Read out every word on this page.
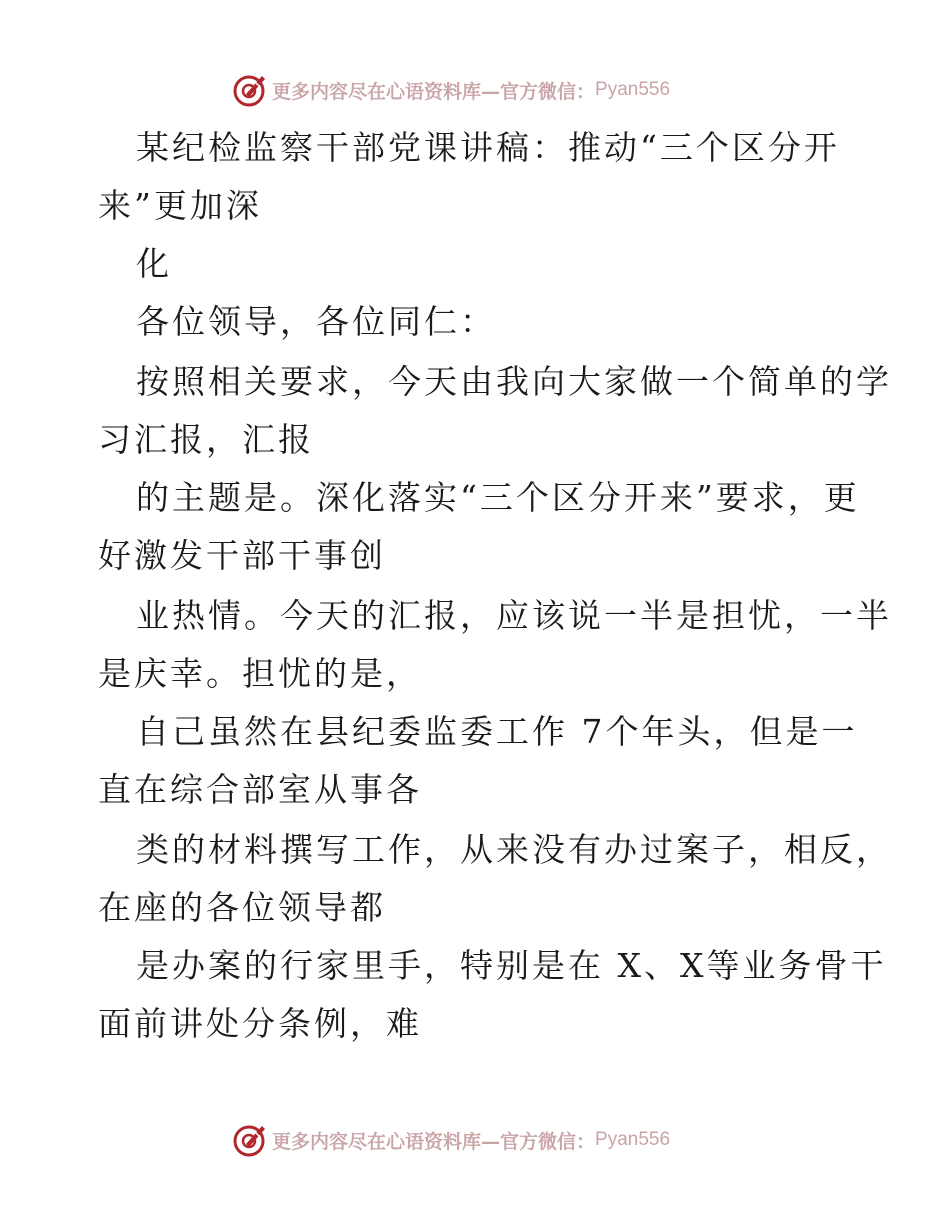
更多内容尽在心语资料库—官方微信： Pyan556
某纪检监察干部党课讲稿：推动“三个区分开
来”更加深
化
各位领导，各位同仁：
按照相关要求，今天由我向大家做一个简单的学
习汇报，汇报
的主题是。深化落实“三个区分开来”要求，更
好激发干部干事创
业热情。今天的汇报，应该说一半是担忧，一半
是庆幸。担忧的是，
自己虽然在县纪委监委工作 7个年头，但是一
直在综合部室从事各
类的材料撰写工作，从来没有办过案子，相反，
在座的各位领导都
是办案的行家里手，特别是在 X、X等业务骨干
面前讲处分条例，难
更多内容尽在心语资料库—官方微信： Pyan556
